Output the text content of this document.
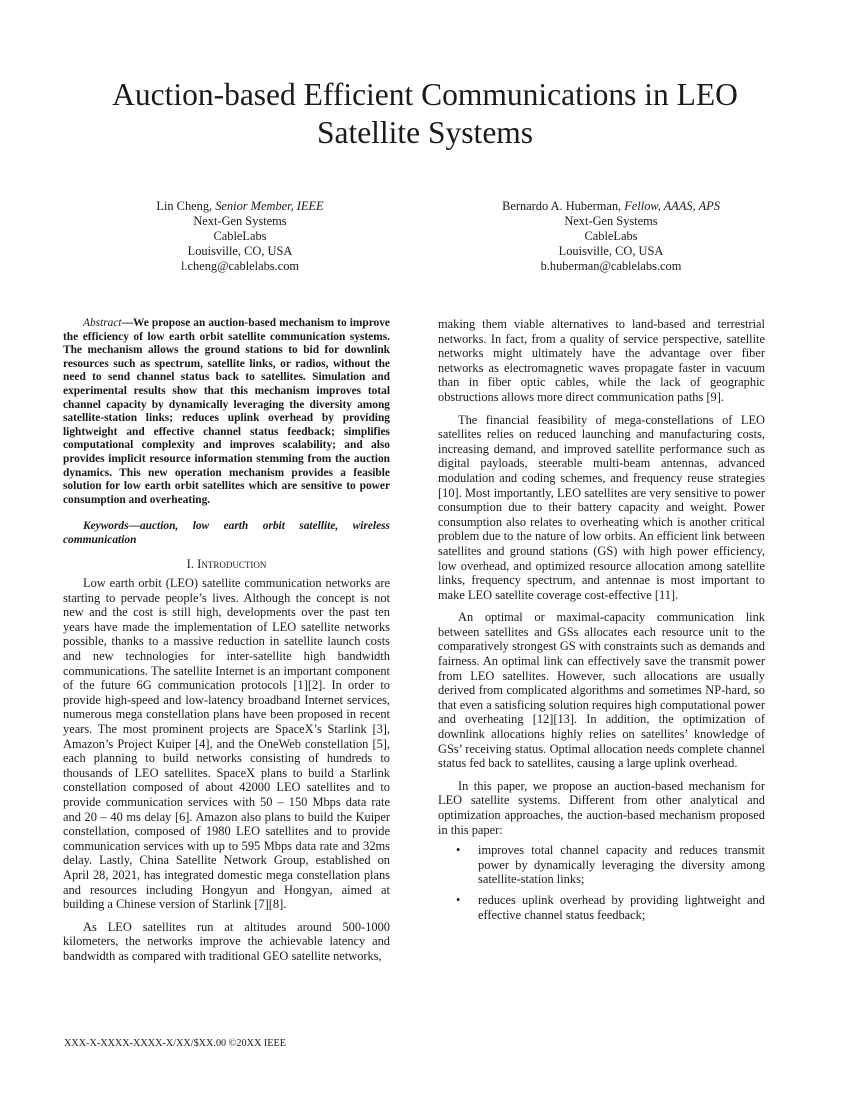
Auction-based Efficient Communications in LEO Satellite Systems
Lin Cheng, Senior Member, IEEE
Next-Gen Systems
CableLabs
Louisville, CO, USA
l.cheng@cablelabs.com
Bernardo A. Huberman, Fellow, AAAS, APS
Next-Gen Systems
CableLabs
Louisville, CO, USA
b.huberman@cablelabs.com

Abstract—We propose an auction-based mechanism to improve the efficiency of low earth orbit satellite communication systems. The mechanism allows the ground stations to bid for downlink resources such as spectrum, satellite links, or radios, without the need to send channel status back to satellites. Simulation and experimental results show that this mechanism improves total channel capacity by dynamically leveraging the diversity among satellite-station links; reduces uplink overhead by providing lightweight and effective channel status feedback; simplifies computational complexity and improves scalability; and also provides implicit resource information stemming from the auction dynamics. This new operation mechanism provides a feasible solution for low earth orbit satellites which are sensitive to power consumption and overheating.

Keywords—auction, low earth orbit satellite, wireless communication

I. Introduction

Low earth orbit (LEO) satellite communication networks are starting to pervade people’s lives. Although the concept is not new and the cost is still high, developments over the past ten years have made the implementation of LEO satellite networks possible, thanks to a massive reduction in satellite launch costs and new technologies for inter-satellite high bandwidth communications. The satellite Internet is an important component of the future 6G communication protocols [1][2]. In order to provide high-speed and low-latency broadband Internet services, numerous mega constellation plans have been proposed in recent years. The most prominent projects are SpaceX’s Starlink [3], Amazon’s Project Kuiper [4], and the OneWeb constellation [5], each planning to build networks consisting of hundreds to thousands of LEO satellites. SpaceX plans to build a Starlink constellation composed of about 42000 LEO satellites and to provide communication services with 50 – 150 Mbps data rate and 20 – 40 ms delay [6]. Amazon also plans to build the Kuiper constellation, composed of 1980 LEO satellites and to provide communication services with up to 595 Mbps data rate and 32ms delay. Lastly, China Satellite Network Group, established on April 28, 2021, has integrated domestic mega constellation plans and resources including Hongyun and Hongyan, aimed at building a Chinese version of Starlink [7][8].

As LEO satellites run at altitudes around 500-1000 kilometers, the networks improve the achievable latency and bandwidth as compared with traditional GEO satellite networks,

making them viable alternatives to land-based and terrestrial networks. In fact, from a quality of service perspective, satellite networks might ultimately have the advantage over fiber networks as electromagnetic waves propagate faster in vacuum than in fiber optic cables, while the lack of geographic obstructions allows more direct communication paths [9].

The financial feasibility of mega-constellations of LEO satellites relies on reduced launching and manufacturing costs, increasing demand, and improved satellite performance such as digital payloads, steerable multi-beam antennas, advanced modulation and coding schemes, and frequency reuse strategies [10]. Most importantly, LEO satellites are very sensitive to power consumption due to their battery capacity and weight. Power consumption also relates to overheating which is another critical problem due to the nature of low orbits. An efficient link between satellites and ground stations (GS) with high power efficiency, low overhead, and optimized resource allocation among satellite links, frequency spectrum, and antennae is most important to make LEO satellite coverage cost-effective [11].

An optimal or maximal-capacity communication link between satellites and GSs allocates each resource unit to the comparatively strongest GS with constraints such as demands and fairness. An optimal link can effectively save the transmit power from LEO satellites. However, such allocations are usually derived from complicated algorithms and sometimes NP-hard, so that even a satisficing solution requires high computational power and overheating [12][13]. In addition, the optimization of downlink allocations highly relies on satellites’ knowledge of GSs’ receiving status. Optimal allocation needs complete channel status fed back to satellites, causing a large uplink overhead.

In this paper, we propose an auction-based mechanism for LEO satellite systems. Different from other analytical and optimization approaches, the auction-based mechanism proposed in this paper:

• improves total channel capacity and reduces transmit power by dynamically leveraging the diversity among satellite-station links;
• reduces uplink overhead by providing lightweight and effective channel status feedback;
XXX-X-XXXX-XXXX-X/XX/$XX.00 ©20XX IEEE
